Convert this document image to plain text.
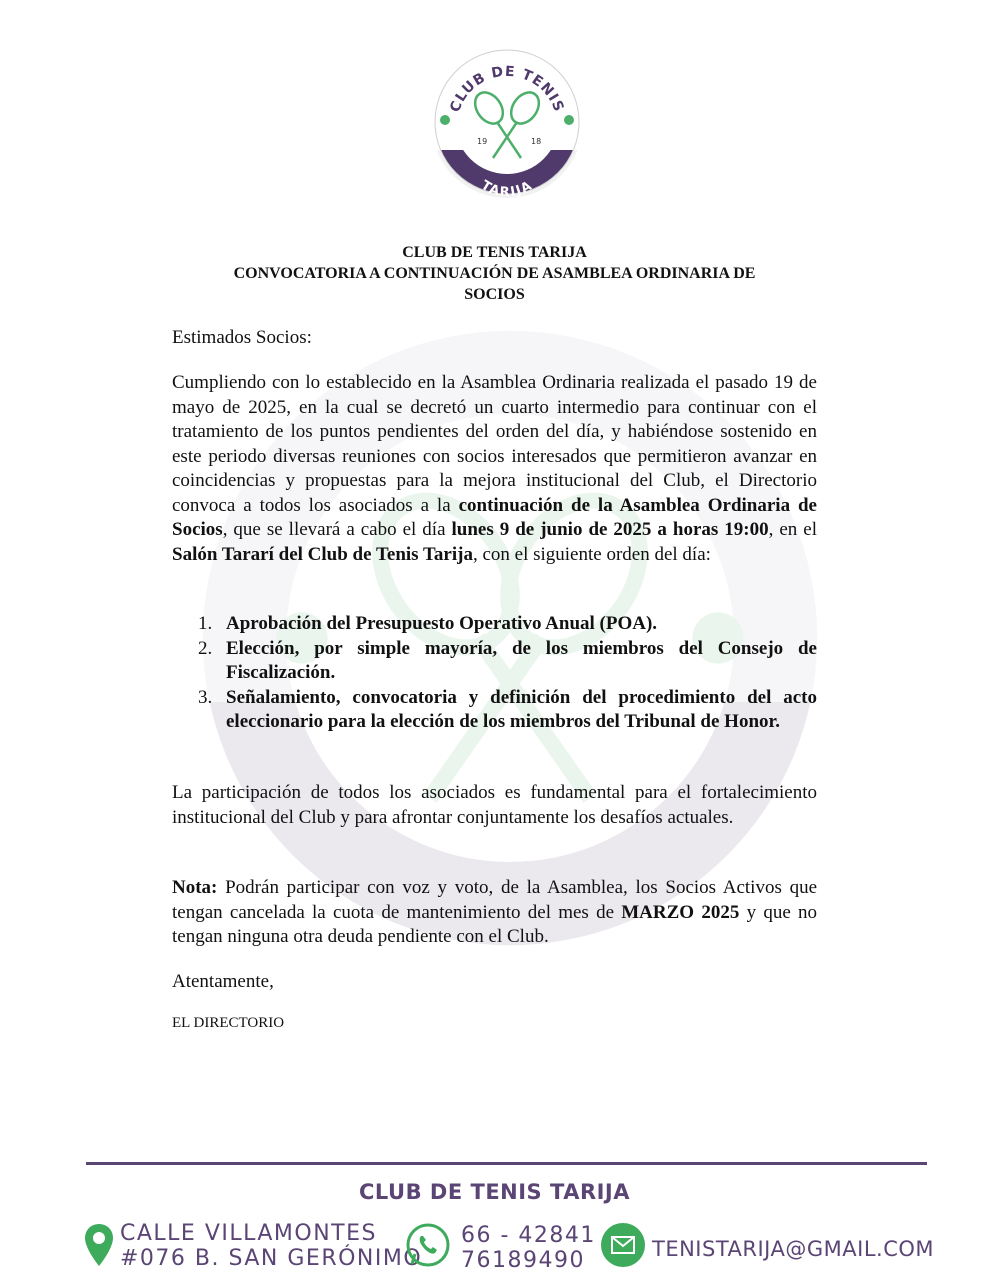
CLUB DE TENIS
19	18
TARIJA
CLUB DE TENIS TARIJA
CONVOCATORIA A CONTINUACIÓN DE ASAMBLEA ORDINARIA DE
SOCIOS
Estimados Socios:
Cumpliendo con lo establecido en la Asamblea Ordinaria realizada el pasado 19 de mayo de 2025, en la cual se decretó un cuarto intermedio para continuar con el tratamiento de los puntos pendientes del orden del día, y habiéndose sostenido en este periodo diversas reuniones con socios interesados que permitieron avanzar en coincidencias y propuestas para la mejora institucional del Club, el Directorio convoca a todos los asociados a la continuación de la Asamblea Ordinaria de Socios, que se llevará a cabo el día lunes 9 de junio de 2025 a horas 19:00, en el Salón Tararí del Club de Tenis Tarija, con el siguiente orden del día:
1. Aprobación del Presupuesto Operativo Anual (POA).
2. Elección, por simple mayoría, de los miembros del Consejo de Fiscalización.
3. Señalamiento, convocatoria y definición del procedimiento del acto eleccionario para la elección de los miembros del Tribunal de Honor.
La participación de todos los asociados es fundamental para el fortalecimiento institucional del Club y para afrontar conjuntamente los desafíos actuales.
Nota: Podrán participar con voz y voto, de la Asamblea, los Socios Activos que tengan cancelada la cuota de mantenimiento del mes de MARZO 2025 y que no tengan ninguna otra deuda pendiente con el Club.
Atentamente,
EL DIRECTORIO
CLUB DE TENIS TARIJA
CALLE VILLAMONTES
#076 B. SAN GERÓNIMO
66 - 42841
76189490	TENISTARIJA@GMAIL.COM
